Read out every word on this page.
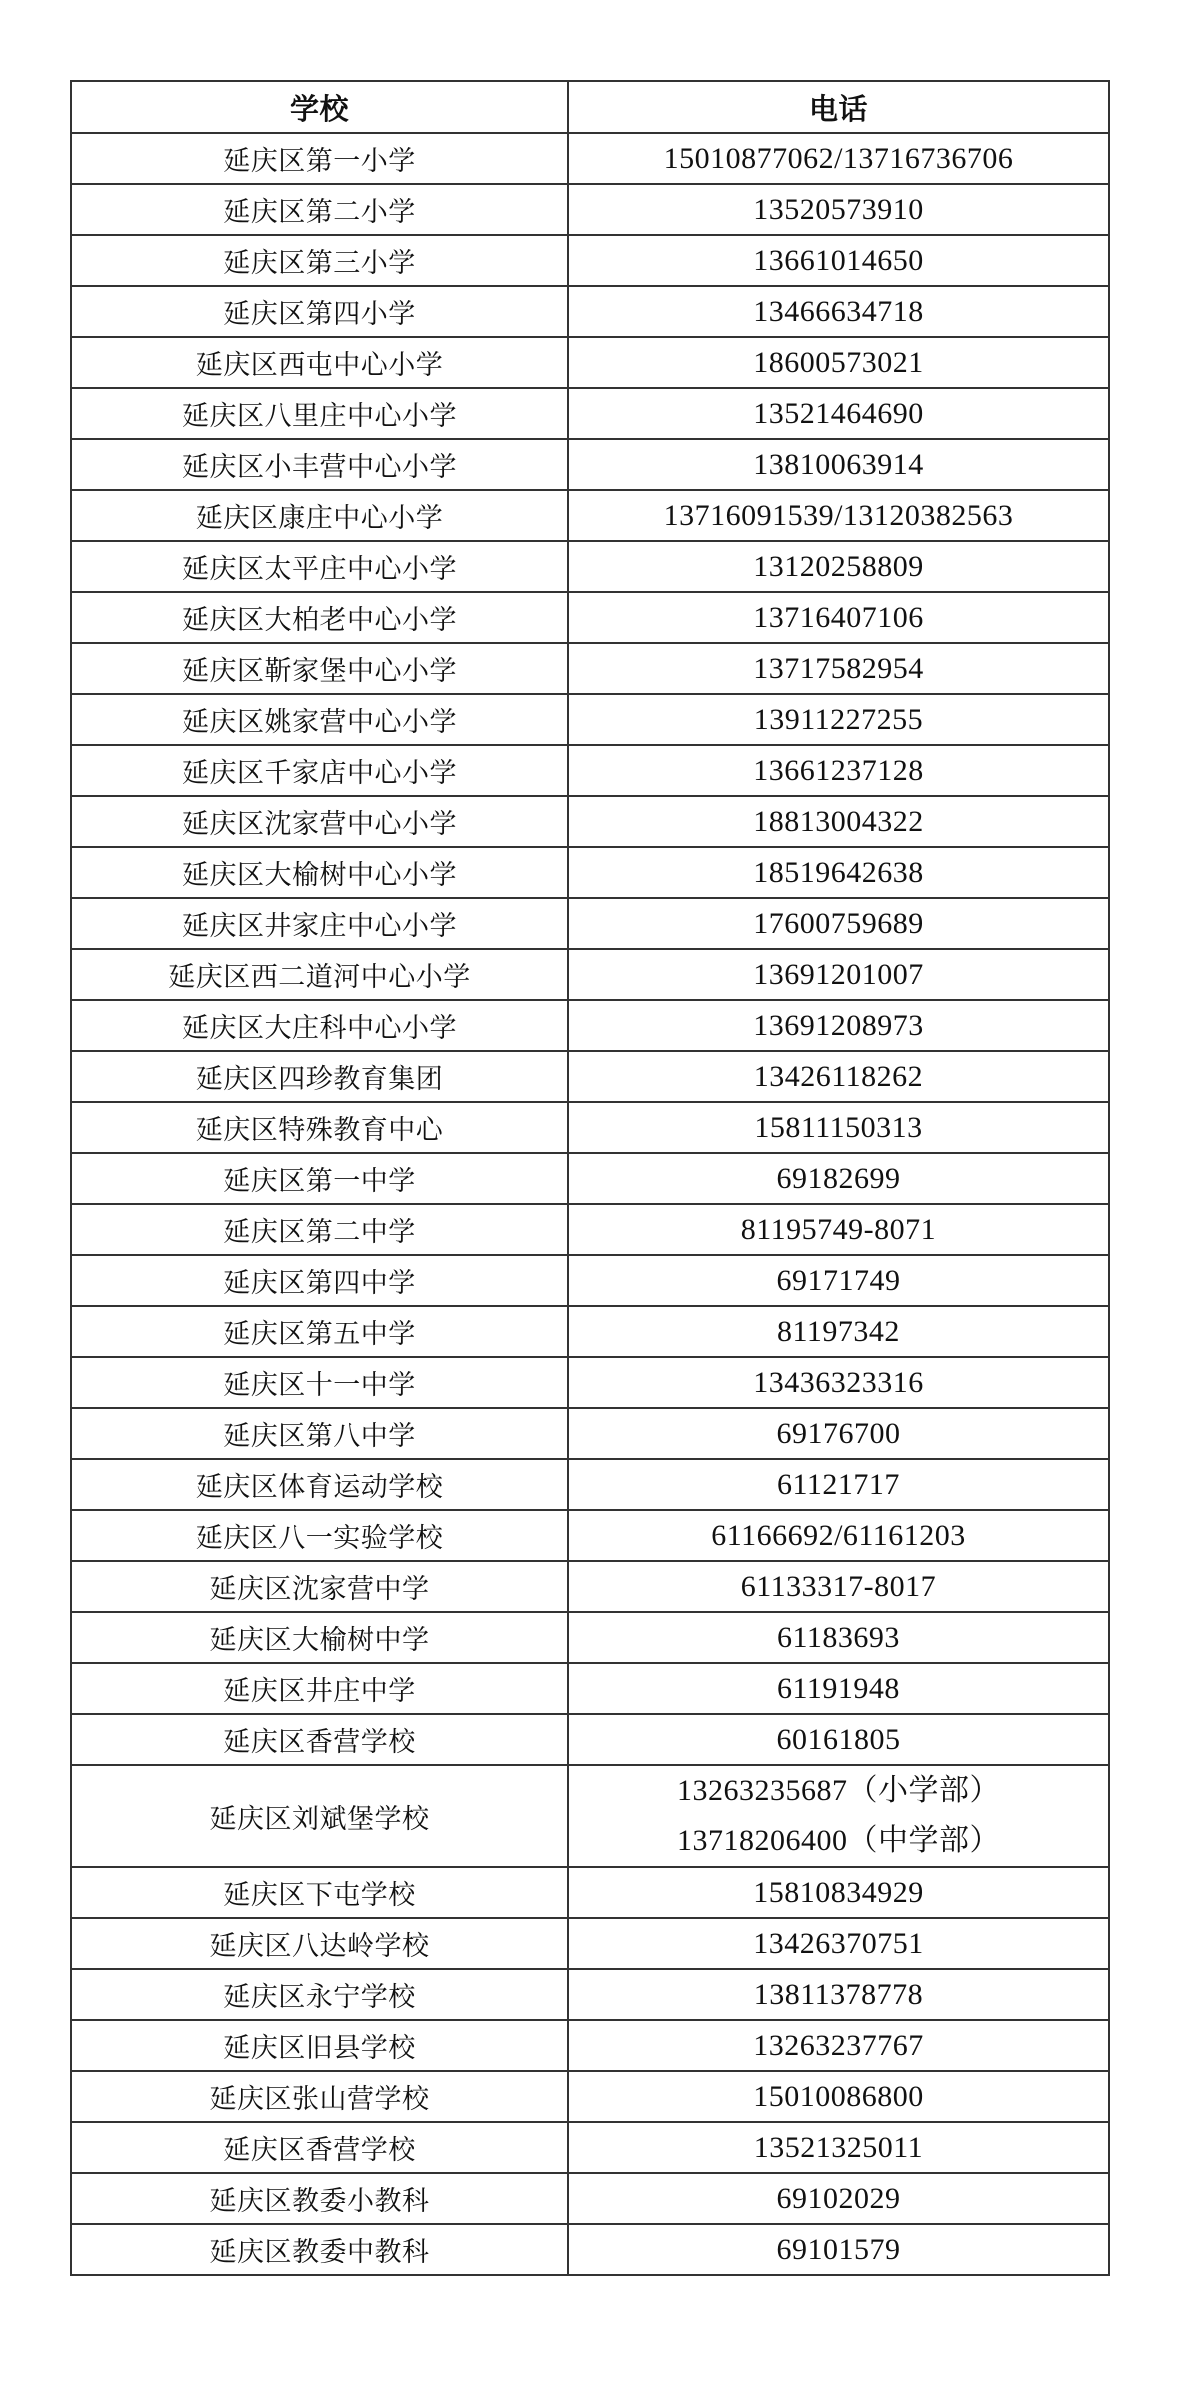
学校	电话
延庆区第一小学	15010877062/13716736706
延庆区第二小学	13520573910
延庆区第三小学	13661014650
延庆区第四小学	13466634718
延庆区西屯中心小学	18600573021
延庆区八里庄中心小学	13521464690
延庆区小丰营中心小学	13810063914
延庆区康庄中心小学	13716091539/13120382563
延庆区太平庄中心小学	13120258809
延庆区大柏老中心小学	13716407106
延庆区靳家堡中心小学	13717582954
延庆区姚家营中心小学	13911227255
延庆区千家店中心小学	13661237128
延庆区沈家营中心小学	18813004322
延庆区大榆树中心小学	18519642638
延庆区井家庄中心小学	17600759689
延庆区西二道河中心小学	13691201007
延庆区大庄科中心小学	13691208973
延庆区四珍教育集团	13426118262
延庆区特殊教育中心	15811150313
延庆区第一中学	69182699
延庆区第二中学	81195749-8071
延庆区第四中学	69171749
延庆区第五中学	81197342
延庆区十一中学	13436323316
延庆区第八中学	69176700
延庆区体育运动学校	61121717
延庆区八一实验学校	61166692/61161203
延庆区沈家营中学	61133317-8017
延庆区大榆树中学	61183693
延庆区井庄中学	61191948
延庆区香营学校	60161805
延庆区刘斌堡学校	13263235687（小学部）
13718206400（中学部）

延庆区下屯学校	15810834929
延庆区八达岭学校	13426370751
延庆区永宁学校	13811378778
延庆区旧县学校	13263237767
延庆区张山营学校	15010086800
延庆区香营学校	13521325011
延庆区教委小教科	69102029
延庆区教委中教科	69101579
